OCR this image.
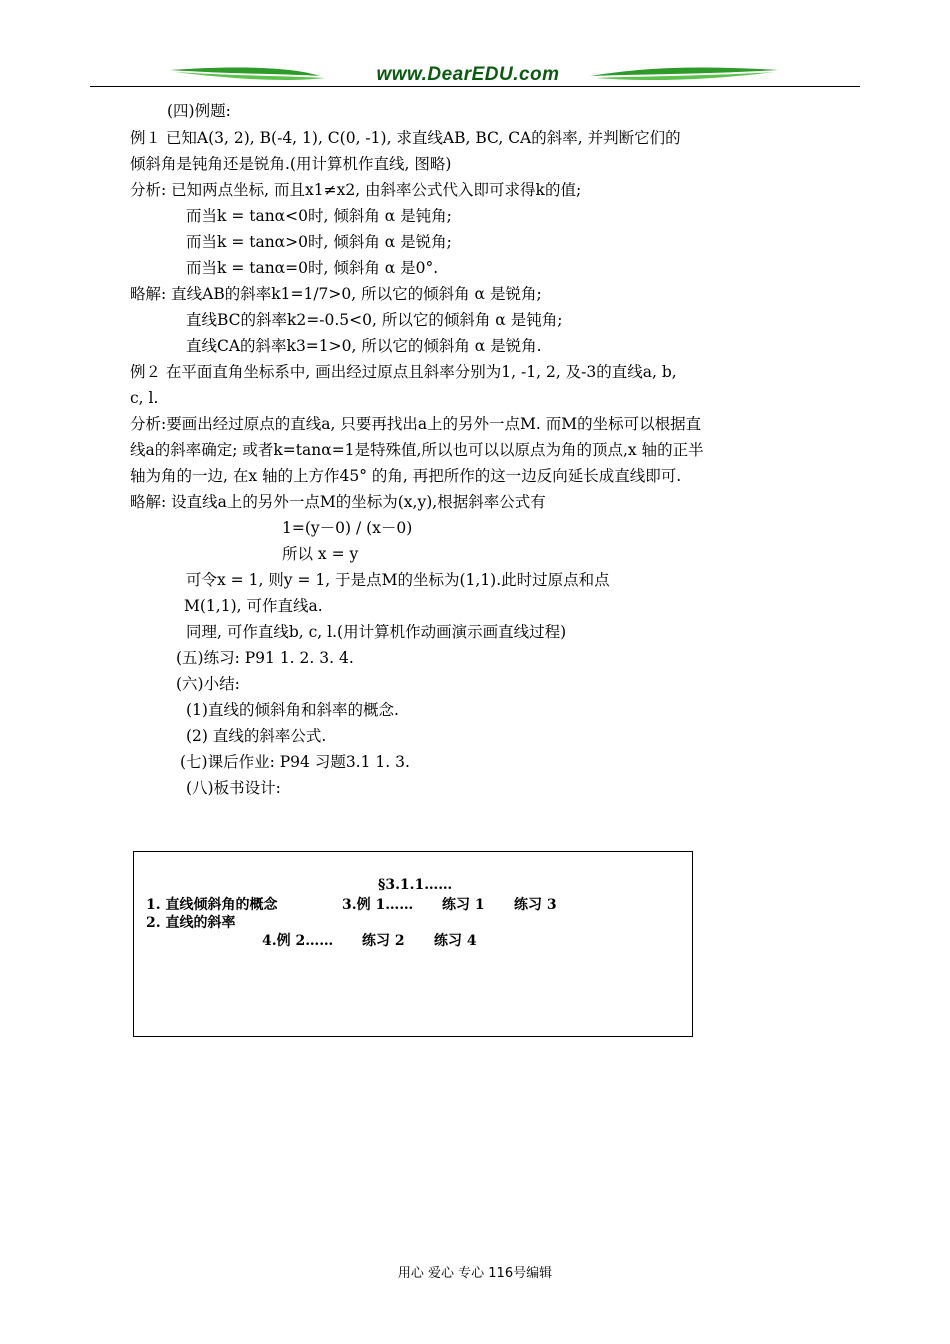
www.DearEDU.com
(四)例题:
例１ 已知A(3, 2), B(-4, 1), C(0, -1), 求直线AB, BC, CA的斜率, 并判断它们的
倾斜角是钝角还是锐角.(用计算机作直线, 图略)
分析: 已知两点坐标, 而且x1≠x2, 由斜率公式代入即可求得k的值;
而当k = tanα<0时, 倾斜角 α 是钝角;
而当k = tanα>0时, 倾斜角 α 是锐角;
而当k = tanα=0时, 倾斜角 α 是0°.
略解: 直线AB的斜率k1=1/7>0, 所以它的倾斜角 α 是锐角;
直线BC的斜率k2=-0.5<0, 所以它的倾斜角 α 是钝角;
直线CA的斜率k3=1>0, 所以它的倾斜角 α 是锐角.
例２ 在平面直角坐标系中, 画出经过原点且斜率分别为1, -1, 2, 及-3的直线a, b,
c, l.
分析:要画出经过原点的直线a, 只要再找出a上的另外一点M. 而M的坐标可以根据直
线a的斜率确定; 或者k=tanα=1是特殊值,所以也可以以原点为角的顶点,x 轴的正半
轴为角的一边, 在x 轴的上方作45° 的角, 再把所作的这一边反向延长成直线即可.
略解: 设直线a上的另外一点M的坐标为(x,y),根据斜率公式有
1=(y－0) / (x－0)
所以 x = y
可令x = 1, 则y = 1, 于是点M的坐标为(1,1).此时过原点和点
M(1,1), 可作直线a.
同理, 可作直线b, c, l.(用计算机作动画演示画直线过程)
(五)练习: P91 1. 2. 3. 4.
(六)小结:
(1)直线的倾斜角和斜率的概念.
(2) 直线的斜率公式.
(七)课后作业: P94 习题3.1 1. 3.
(八)板书设计:
§3.1.1……
1. 直线倾斜角的概念	3.例 1…… 练习 1 练习 3
2. 直线的斜率
4.例 2…… 练习 2 练习 4
用心 爱心 专心 116号编辑
